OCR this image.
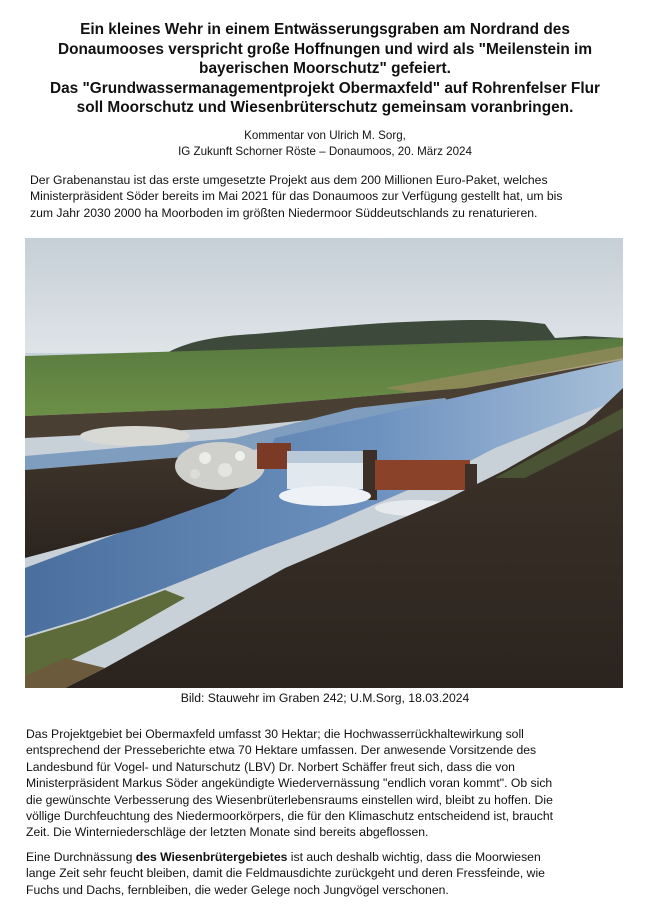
Ein kleines Wehr in einem Entwässerungsgraben am Nordrand des
Donaumooses verspricht große Hoffnungen und wird als "Meilenstein im
bayerischen Moorschutz" gefeiert.
Das "Grundwassermanagementprojekt Obermaxfeld" auf Rohrenfelser Flur
soll Moorschutz und Wiesenbrüterschutz gemeinsam voranbringen.
Kommentar von Ulrich M. Sorg,
IG Zukunft Schorner Röste – Donaumoos, 20. März 2024
Der Grabenanstau ist das erste umgesetzte Projekt aus dem 200 Millionen Euro-Paket, welches
Ministerpräsident Söder bereits im Mai 2021 für das Donaumoos zur Verfügung gestellt hat, um bis
zum Jahr 2030 2000 ha Moorboden im größten Niedermoor Süddeutschlands zu renaturieren.
Bild: Stauwehr im Graben 242; U.M.Sorg, 18.03.2024
Das Projektgebiet bei Obermaxfeld umfasst 30 Hektar; die Hochwasserrückhaltewirkung soll
entsprechend der Presseberichte etwa 70 Hektare umfassen. Der anwesende Vorsitzende des
Landesbund für Vogel- und Naturschutz (LBV) Dr. Norbert Schäffer freut sich, dass die von
Ministerpräsident Markus Söder angekündigte Wiedervernässung "endlich voran kommt". Ob sich
die gewünschte Verbesserung des Wiesenbrüterlebensraums einstellen wird, bleibt zu hoffen. Die
völlige Durchfeuchtung des Niedermoorkörpers, die für den Klimaschutz entscheidend ist, braucht
Zeit. Die Winterniederschläge der letzten Monate sind bereits abgeflossen.
Eine Durchnässung des Wiesenbrütergebietes ist auch deshalb wichtig, dass die Moorwiesen
lange Zeit sehr feucht bleiben, damit die Feldmausdichte zurückgeht und deren Fressfeinde, wie
Fuchs und Dachs, fernbleiben, die weder Gelege noch Jungvögel verschonen.
